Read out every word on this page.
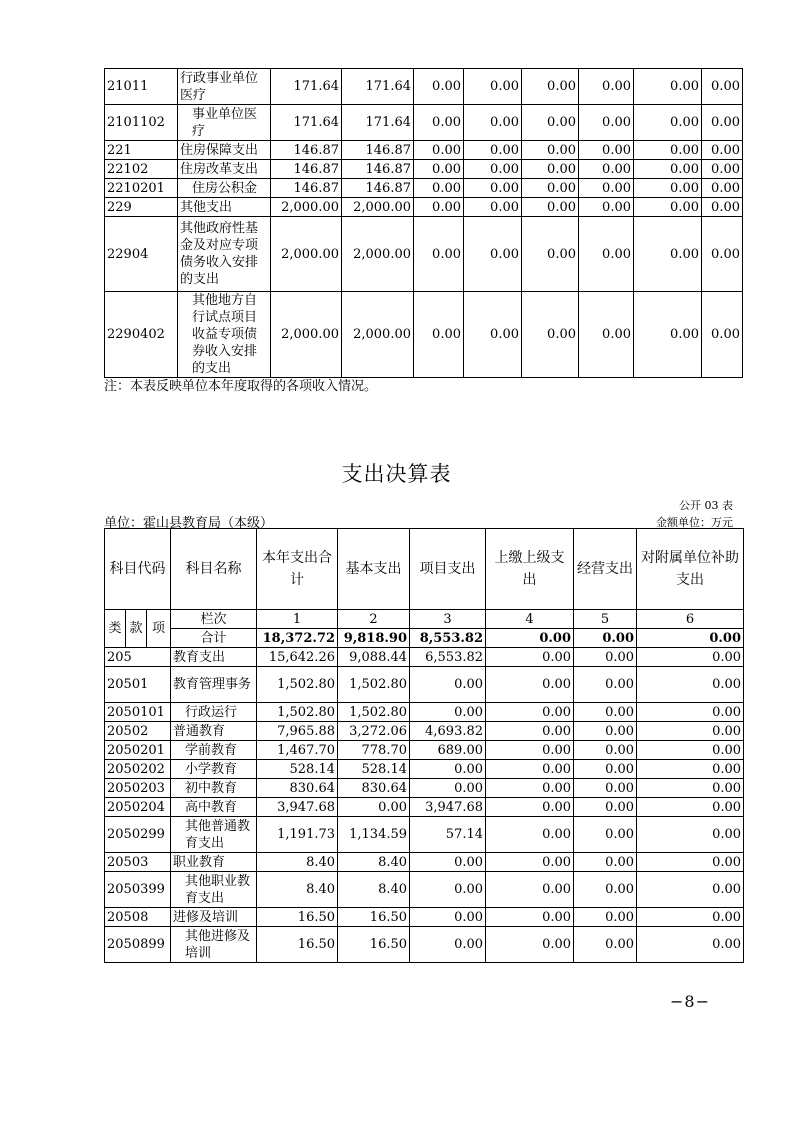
21011	行政事业单位医疗	171.64	171.64	0.00	0.00	0.00	0.00	0.00	0.00
2101102	事业单位医疗	171.64	171.64	0.00	0.00	0.00	0.00	0.00	0.00
221	住房保障支出	146.87	146.87	0.00	0.00	0.00	0.00	0.00	0.00
22102	住房改革支出	146.87	146.87	0.00	0.00	0.00	0.00	0.00	0.00
2210201	住房公积金	146.87	146.87	0.00	0.00	0.00	0.00	0.00	0.00
229	其他支出	2,000.00	2,000.00	0.00	0.00	0.00	0.00	0.00	0.00
22904	其他政府性基金及对应专项债务收入安排的支出	2,000.00	2,000.00	0.00	0.00	0.00	0.00	0.00	0.00
2290402	其他地方自行试点项目收益专项债券收入安排的支出	2,000.00	2,000.00	0.00	0.00	0.00	0.00	0.00	0.00
注：本表反映单位本年度取得的各项收入情况。
支出决算表
公开 03 表
单位：霍山县教育局（本级）	金额单位：万元
科目代码			科目名称	本年支出合计	基本支出	项目支出	上缴上级支出	经营支出	对附属单位补助支出
类	款	项	栏次	1	2	3	4	5	6
			合计	18,372.72	9,818.90	8,553.82	0.00	0.00	0.00
205			教育支出	15,642.26	9,088.44	6,553.82	0.00	0.00	0.00
20501			教育管理事务	1,502.80	1,502.80	0.00	0.00	0.00	0.00
2050101			行政运行	1,502.80	1,502.80	0.00	0.00	0.00	0.00
20502			普通教育	7,965.88	3,272.06	4,693.82	0.00	0.00	0.00
2050201			学前教育	1,467.70	778.70	689.00	0.00	0.00	0.00
2050202			小学教育	528.14	528.14	0.00	0.00	0.00	0.00
2050203			初中教育	830.64	830.64	0.00	0.00	0.00	0.00
2050204			高中教育	3,947.68	0.00	3,947.68	0.00	0.00	0.00
2050299			其他普通教育支出	1,191.73	1,134.59	57.14	0.00	0.00	0.00
20503			职业教育	8.40	8.40	0.00	0.00	0.00	0.00
2050399			其他职业教育支出	8.40	8.40	0.00	0.00	0.00	0.00
20508			进修及培训	16.50	16.50	0.00	0.00	0.00	0.00
2050899			其他进修及培训	16.50	16.50	0.00	0.00	0.00	0.00
−8−
